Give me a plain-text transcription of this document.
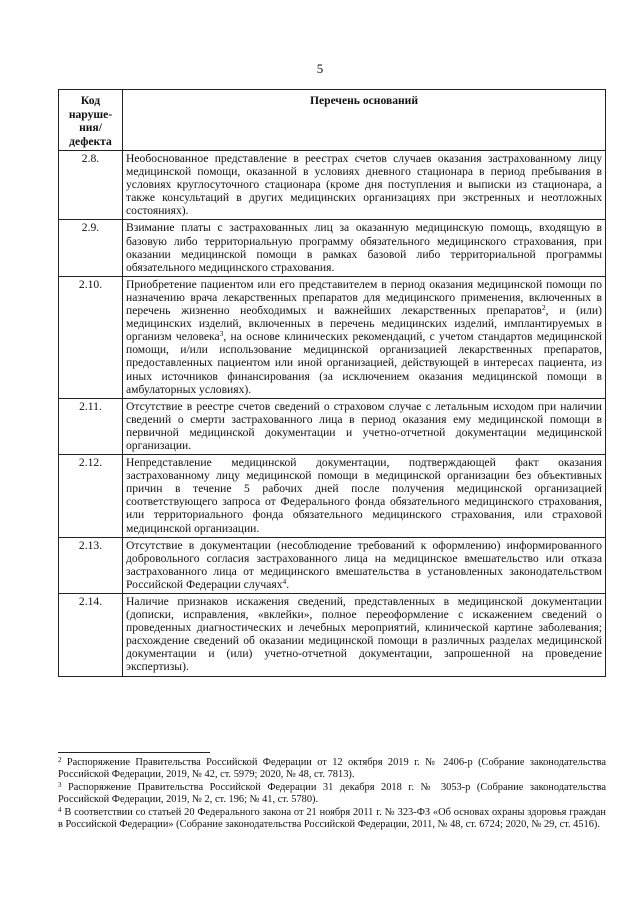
5
Код наруше-ния/ дефекта	Перечень оснований
2.8.	Необоснованное представление в реестрах счетов случаев оказания застрахованному лицу медицинской помощи, оказанной в условиях дневного стационара в период пребывания в условиях круглосуточного стационара (кроме дня поступления и выписки из стационара, а также консультаций в других медицинских организациях при экстренных и неотложных состояниях).
2.9.	Взимание платы с застрахованных лиц за оказанную медицинскую помощь, входящую в базовую либо территориальную программу обязательного медицинского страхования, при оказании медицинской помощи в рамках базовой либо территориальной программы обязательного медицинского страхования.
2.10.	Приобретение пациентом или его представителем в период оказания медицинской помощи по назначению врача лекарственных препаратов для медицинского применения, включенных в перечень жизненно необходимых и важнейших лекарственных препаратов$^2$, и (или) медицинских изделий, включенных в перечень медицинских изделий, имплантируемых в организм человека$^3$, на основе клинических рекомендаций, с учетом стандартов медицинской помощи, и/или использование медицинской организацией лекарственных препаратов, предоставленных пациентом или иной организацией, действующей в интересах пациента, из иных источников финансирования (за исключением оказания медицинской помощи в амбулаторных условиях).
2.11.	Отсутствие в реестре счетов сведений о страховом случае с летальным исходом при наличии сведений о смерти застрахованного лица в период оказания ему медицинской помощи в первичной медицинской документации и учетно-отчетной документации медицинской организации.
2.12.	Непредставление медицинской документации, подтверждающей факт оказания застрахованному лицу медицинской помощи в медицинской организации без объективных причин в течение 5 рабочих дней после получения медицинской организацией соответствующего запроса от Федерального фонда обязательного медицинского страхования, или территориального фонда обязательного медицинского страхования, или страховой медицинской организации.
2.13.	Отсутствие в документации (несоблюдение требований к оформлению) информированного добровольного согласия застрахованного лица на медицинское вмешательство или отказа застрахованного лица от медицинского вмешательства в установленных законодательством Российской Федерации случаях$^4$.
2.14.	Наличие признаков искажения сведений, представленных в медицинской документации (дописки, исправления, «вклейки», полное переоформление с искажением сведений о проведенных диагностических и лечебных мероприятий, клинической картине заболевания; расхождение сведений об оказании медицинской помощи в различных разделах медицинской документации и (или) учетно-отчетной документации, запрошенной на проведение экспертизы).

$^2$ Распоряжение Правительства Российской Федерации от 12 октября 2019 г. № 2406-р (Собрание законодательства Российской Федерации, 2019, № 42, ст. 5979; 2020, № 48, ст. 7813).

$^3$ Распоряжение Правительства Российской Федерации 31 декабря 2018 г. № 3053-р (Собрание законодательства Российской Федерации, 2019, № 2, ст. 196; № 41, ст. 5780).

$^4$ В соответствии со статьей 20 Федерального закона от 21 ноября 2011 г. № 323-ФЗ «Об основах охраны здоровья граждан в Российской Федерации» (Собрание законодательства Российской Федерации, 2011, № 48, ст. 6724; 2020, № 29, ст. 4516).
